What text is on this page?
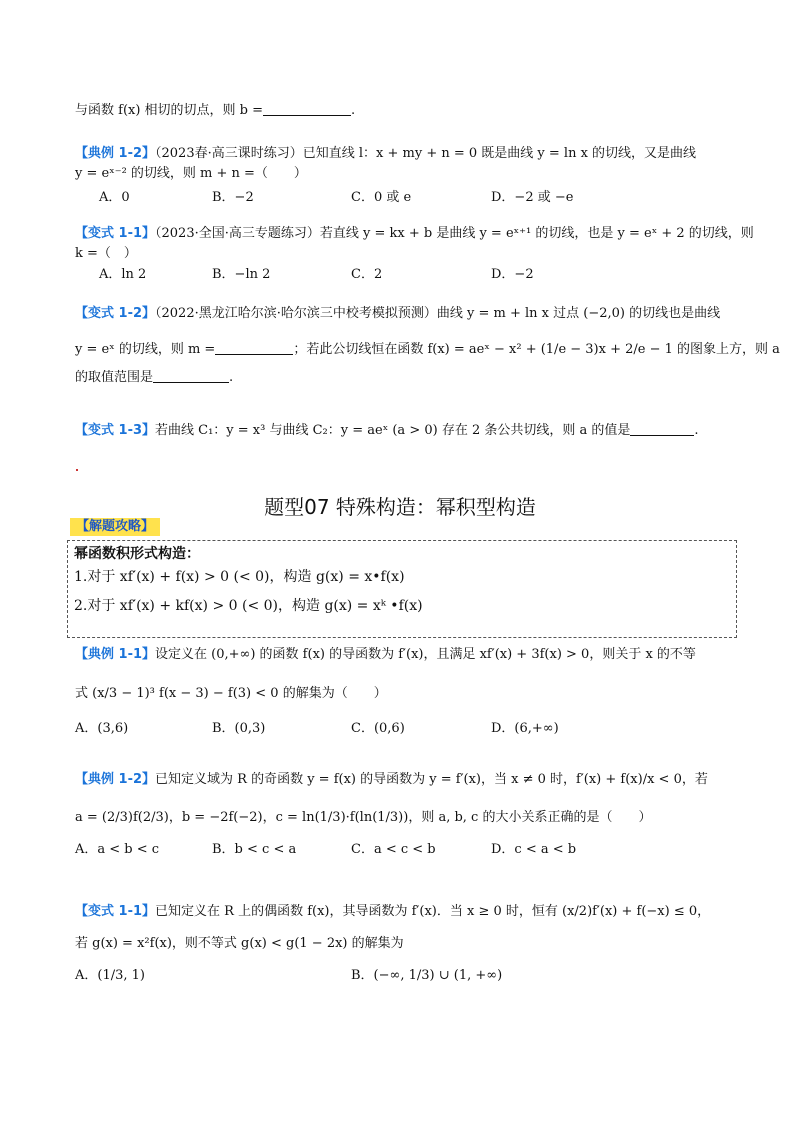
与函数 f(x) 相切的切点，则 b =	.
【典例 1-2】（2023春·高三课时练习）已知直线 l：x + my + n = 0 既是曲线 y = ln x 的切线，又是曲线
y = eˣ⁻² 的切线，则 m + n =（　　）
A．0	B．−2	C．0 或 e	D．−2 或 −e
【变式 1-1】（2023·全国·高三专题练习）若直线 y = kx + b 是曲线 y = eˣ⁺¹ 的切线，也是 y = eˣ + 2 的切线，则
k =（　）
A．ln 2	B．−ln 2	C．2	D．−2
【变式 1-2】（2022·黑龙江哈尔滨·哈尔滨三中校考模拟预测）曲线 y = m + ln x 过点 (−2,0) 的切线也是曲线
y = eˣ 的切线，则 m =	；若此公切线恒在函数 f(x) = aeˣ − x² + (1/e − 3)x + 2/e − 1 的图象上方，则 a
的取值范围是	.
【变式 1-3】若曲线 C₁：y = x³ 与曲线 C₂：y = aeˣ (a > 0) 存在 2 条公共切线，则 a 的值是	.
题型07 特殊构造：幂积型构造
【解题攻略】
幂函数积形式构造：
1.对于 xf′(x) + f(x) > 0 (< 0)，构造 g(x) = x•f(x)
2.对于 xf′(x) + kf(x) > 0 (< 0)，构造 g(x) = xᵏ •f(x)
【典例 1-1】设定义在 (0,+∞) 的函数 f(x) 的导函数为 f′(x)，且满足 xf′(x) + 3f(x) > 0，则关于 x 的不等
式 (x/3 − 1)³ f(x − 3) − f(3) < 0 的解集为（　　）
A．(3,6)	B．(0,3)	C．(0,6)	D．(6,+∞)
【典例 1-2】已知定义域为 R 的奇函数 y = f(x) 的导函数为 y = f′(x)，当 x ≠ 0 时，f′(x) + f(x)/x < 0，若
a = (2/3)f(2/3)，b = −2f(−2)，c = ln(1/3)·f(ln(1/3))，则 a, b, c 的大小关系正确的是（　　）
A．a < b < c	B．b < c < a	C．a < c < b	D．c < a < b
【变式 1-1】已知定义在 R 上的偶函数 f(x)，其导函数为 f′(x)．当 x ≥ 0 时，恒有 (x/2)f′(x) + f(−x) ≤ 0，
若 g(x) = x²f(x)，则不等式 g(x) < g(1 − 2x) 的解集为
A．(1/3, 1)	B．(−∞, 1/3) ∪ (1, +∞)
